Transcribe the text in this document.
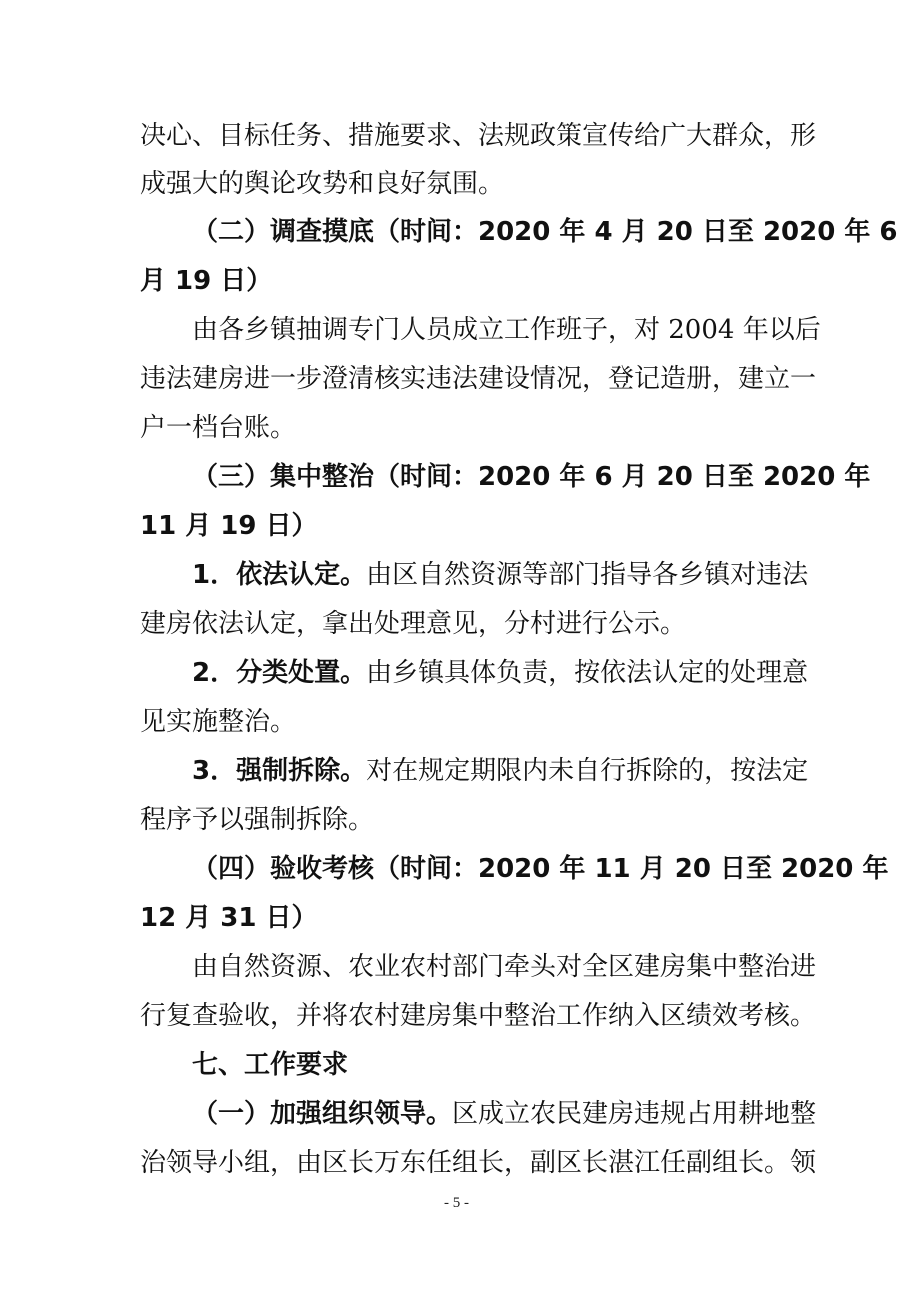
决心、目标任务、措施要求、法规政策宣传给广大群众，形
成强大的舆论攻势和良好氛围。
（二）调查摸底（时间：2020 年 4 月 20 日至 2020 年 6
月 19 日）
由各乡镇抽调专门人员成立工作班子，对 2004 年以后
违法建房进一步澄清核实违法建设情况，登记造册，建立一
户一档台账。
（三）集中整治（时间：2020 年 6 月 20 日至 2020 年
11 月 19 日）
1．依法认定。由区自然资源等部门指导各乡镇对违法
建房依法认定，拿出处理意见，分村进行公示。
2．分类处置。由乡镇具体负责，按依法认定的处理意
见实施整治。
3．强制拆除。对在规定期限内未自行拆除的，按法定
程序予以强制拆除。
（四）验收考核（时间：2020 年 11 月 20 日至 2020 年
12 月 31 日）
由自然资源、农业农村部门牵头对全区建房集中整治进
行复查验收，并将农村建房集中整治工作纳入区绩效考核。
七、工作要求
（一）加强组织领导。区成立农民建房违规占用耕地整
治领导小组，由区长万东任组长，副区长湛江任副组长。领
- 5 -
